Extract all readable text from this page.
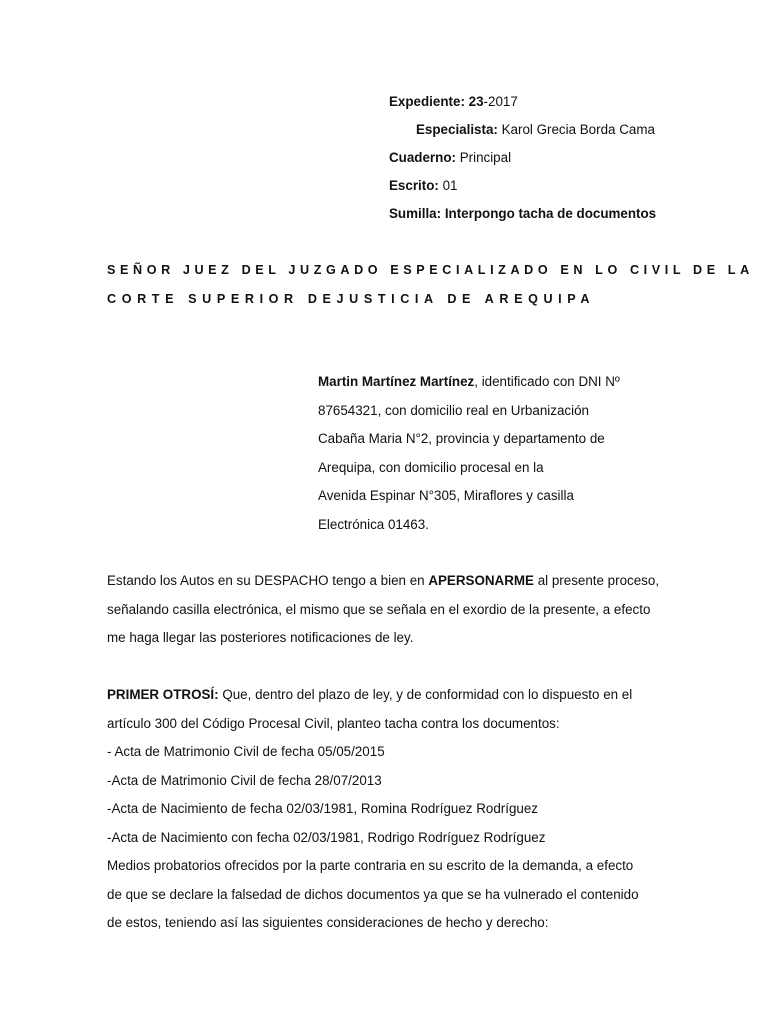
Expediente: 23-2017
Especialista: Karol Grecia Borda Cama
Cuaderno: Principal
Escrito: 01
Sumilla: Interpongo tacha de documentos
SEÑOR JUEZ DEL JUZGADO ESPECIALIZADO EN LO CIVIL DE LA
CORTE SUPERIOR DEJUSTICIA DE AREQUIPA
Martin Martínez Martínez, identificado con DNI Nº
87654321, con domicilio real en Urbanización
Cabaña Maria N°2, provincia y departamento de
Arequipa, con domicilio procesal en la
Avenida Espinar N°305, Miraflores y casilla
Electrónica 01463.
Estando los Autos en su DESPACHO tengo a bien en APERSONARME al presente proceso,
señalando casilla electrónica, el mismo que se señala en el exordio de la presente, a efecto
me haga llegar las posteriores notificaciones de ley.
PRIMER OTROSÍ: Que, dentro del plazo de ley, y de conformidad con lo dispuesto en el
artículo 300 del Código Procesal Civil, planteo tacha contra los documentos:
- Acta de Matrimonio Civil de fecha 05/05/2015
-Acta de Matrimonio Civil de fecha 28/07/2013
-Acta de Nacimiento de fecha 02/03/1981, Romina Rodríguez Rodríguez
-Acta de Nacimiento con fecha 02/03/1981, Rodrigo Rodríguez Rodríguez
Medios probatorios ofrecidos por la parte contraria en su escrito de la demanda, a efecto
de que se declare la falsedad de dichos documentos ya que se ha vulnerado el contenido
de estos, teniendo así las siguientes consideraciones de hecho y derecho:
